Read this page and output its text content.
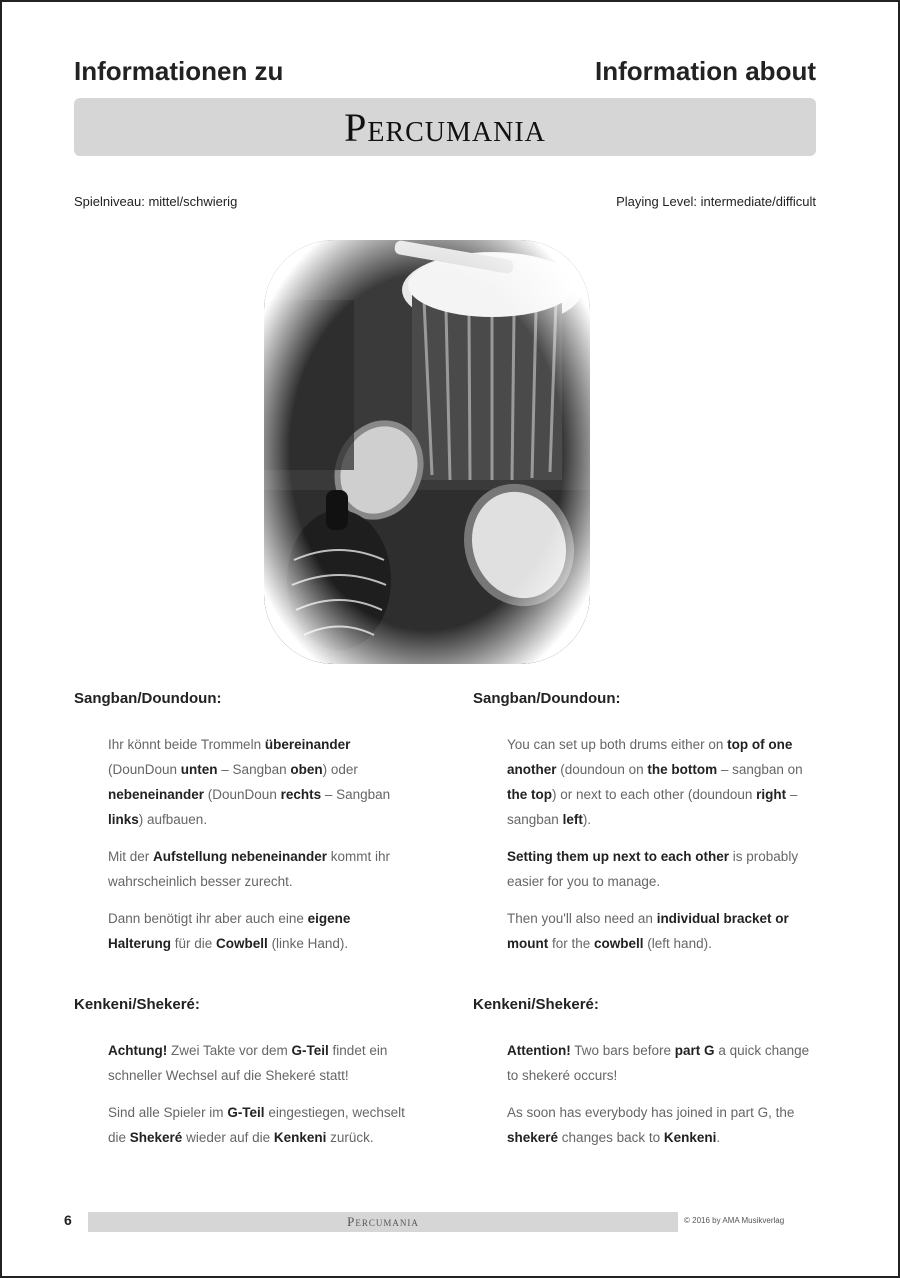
Informationen zu	Information about
Percumania
Spielniveau: mittel/schwierig	Playing Level: intermediate/difficult
Sangban/Doundoun:

Ihr könnt beide Trommeln übereinander (DounDoun unten – Sangban oben) oder nebeneinander (DounDoun rechts – Sangban links) aufbauen.

Mit der Aufstellung nebeneinander kommt ihr wahrscheinlich besser zurecht.

Dann benötigt ihr aber auch eine eigene Halterung für die Cowbell (linke Hand).

Kenkeni/Shekeré:

Achtung! Zwei Takte vor dem G-Teil findet ein schneller Wechsel auf die Shekeré statt!

Sind alle Spieler im G-Teil eingestiegen, wechselt die Shekeré wieder auf die Kenkeni zurück.

Sangban/Doundoun:

You can set up both drums either on top of one another (doundoun on the bottom – sangban on the top) or next to each other (doundoun right – sangban left).

Setting them up next to each other is probably easier for you to manage.

Then you'll also need an individual bracket or mount for the cowbell (left hand).

Kenkeni/Shekeré:

Attention! Two bars before part G a quick change to shekeré occurs!

As soon has everybody has joined in part G, the shekeré changes back to Kenkeni.

6	Percumania	© 2016 by AMA Musikverlag
